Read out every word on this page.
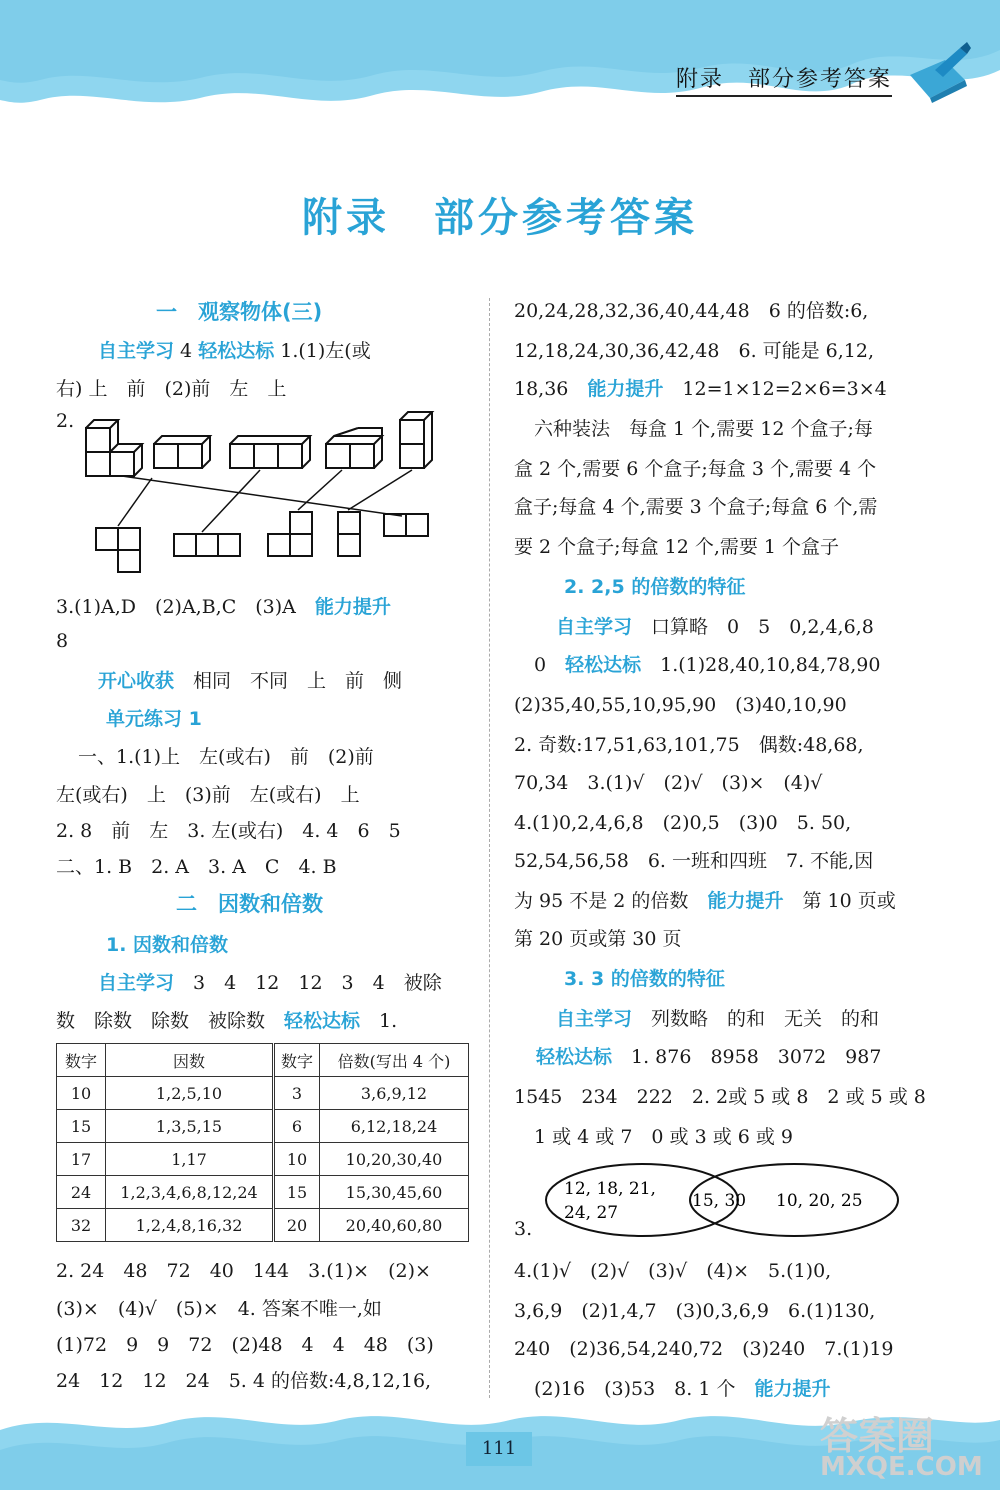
附录　部分参考答案
附录　部分参考答案
一　观察物体(三)
自主学习 4 轻松达标 1.(1)左(或
右) 上　前　(2)前　左　上
2.
3.(1)A,D　(2)A,B,C　(3)A　能力提升
8
开心收获　相同　不同　上　前　侧
单元练习 1
一、1.(1)上　左(或右)　前　(2)前
左(或右)　上　(3)前　左(或右)　上
2. 8　前　左　3. 左(或右)　4. 4　6　5
二、1. B　2. A　3. A　C　4. B
二　因数和倍数
1. 因数和倍数
自主学习　3　4　12　12　3　4　被除
数　除数　除数　被除数　轻松达标　1.
2. 24　48　72　40　144　3.(1)×　(2)×
(3)×　(4)√　(5)×　4. 答案不唯一,如
(1)72　9　9　72　(2)48　4　4　48　(3)
24　12　12　24　5. 4 的倍数:4,8,12,16,
数字	因数	数字	倍数(写出 4 个)
10	1,2,5,10	3	3,6,9,12
15	1,3,5,15	6	6,12,18,24
17	1,17	10	10,20,30,40
24	1,2,3,4,6,8,12,24	15	15,30,45,60
32	1,2,4,8,16,32	20	20,40,60,80
20,24,28,32,36,40,44,48　6 的倍数:6,
12,18,24,30,36,42,48　6. 可能是 6,12,
18,36　能力提升　12=1×12=2×6=3×4
六种装法　每盒 1 个,需要 12 个盒子;每
盒 2 个,需要 6 个盒子;每盒 3 个,需要 4 个
盒子;每盒 4 个,需要 3 个盒子;每盒 6 个,需
要 2 个盒子;每盒 12 个,需要 1 个盒子
2. 2,5 的倍数的特征
自主学习　口算略　0　5　0,2,4,6,8
0　轻松达标　1.(1)28,40,10,84,78,90
(2)35,40,55,10,95,90　(3)40,10,90
2. 奇数:17,51,63,101,75　偶数:48,68,
70,34　3.(1)√　(2)√　(3)×　(4)√
4.(1)0,2,4,6,8　(2)0,5　(3)0　5. 50,
52,54,56,58　6. 一班和四班　7. 不能,因
为 95 不是 2 的倍数　能力提升　第 10 页或
第 20 页或第 30 页
3. 3 的倍数的特征
自主学习　列数略　的和　无关　的和
轻松达标　1. 876　8958　3072　987
1545　234　222　2. 2或 5 或 8　2 或 5 或 8
1 或 4 或 7　0 或 3 或 6 或 9
12, 18, 21,
24, 27
15, 30 10, 20, 25
3.
4.(1)√　(2)√　(3)√　(4)×　5.(1)0,
3,6,9　(2)1,4,7　(3)0,3,6,9　6.(1)130,
240　(2)36,54,240,72　(3)240　7.(1)19
(2)16　(3)53　8. 1 个　能力提升
111	答案圈
MXQE.COM
